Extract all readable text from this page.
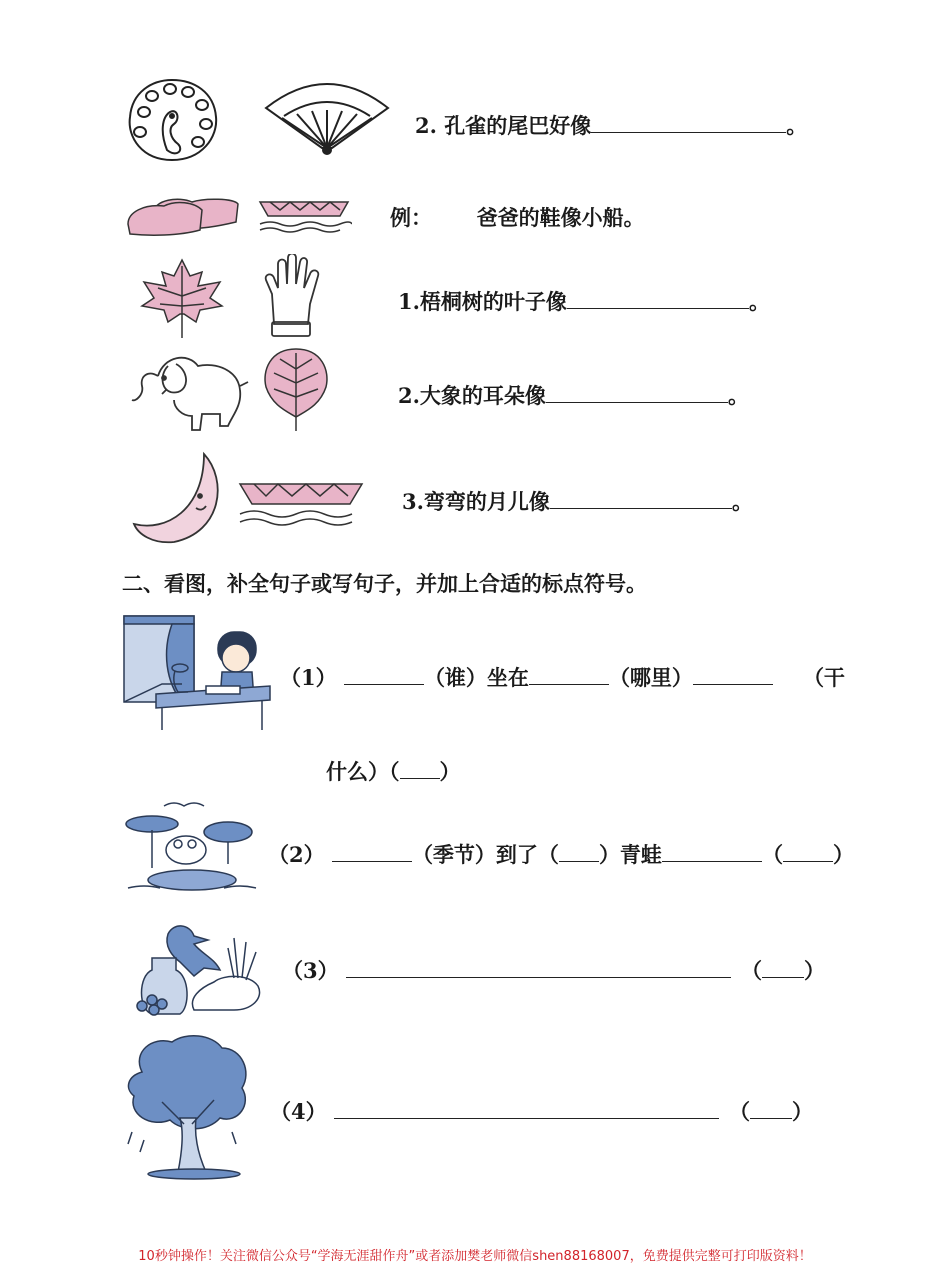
2. 孔雀的尾巴好像	。
例： 爸爸的鞋像小船。
1.梧桐树的叶子像	。
2.大象的耳朵像	。
3.弯弯的月儿像	。
二、看图，补全句子或写句子，并加上合适的标点符号。
（1）	（谁）坐在	（哪里）	（干
什么）（ ）
（2）	（季节）到了（ ）青蛙	（ ）
（3）	（ ）
（4）	（ ）
10秒钟操作！关注微信公众号“学海无涯甜作舟”或者添加樊老师微信shen88168007，免费提供完整可打印版资料！
